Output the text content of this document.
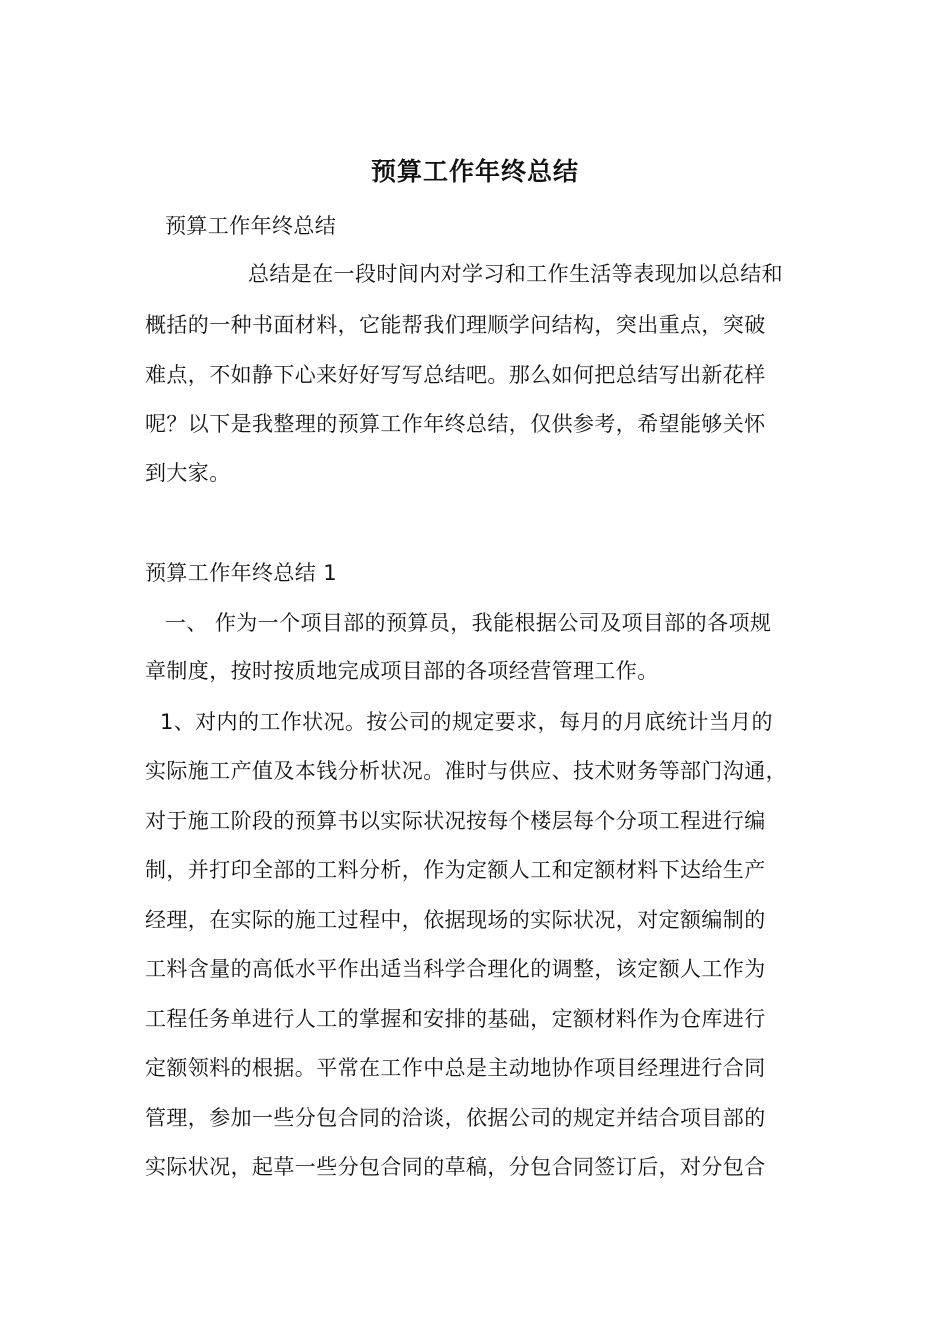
预算工作年终总结
预算工作年终总结
总结是在一段时间内对学习和工作生活等表现加以总结和
概括的一种书面材料，它能帮我们理顺学问结构，突出重点，突破
难点，不如静下心来好好写写总结吧。那么如何把总结写出新花样
呢？以下是我整理的预算工作年终总结，仅供参考，希望能够关怀
到大家。
预算工作年终总结 1
一、 作为一个项目部的预算员，我能根据公司及项目部的各项规
章制度，按时按质地完成项目部的各项经营管理工作。
1、对内的工作状况。按公司的规定要求，每月的月底统计当月的
实际施工产值及本钱分析状况。准时与供应、技术财务等部门沟通，
对于施工阶段的预算书以实际状况按每个楼层每个分项工程进行编
制，并打印全部的工料分析，作为定额人工和定额材料下达给生产
经理，在实际的施工过程中，依据现场的实际状况，对定额编制的
工料含量的高低水平作出适当科学合理化的调整，该定额人工作为
工程任务单进行人工的掌握和安排的基础，定额材料作为仓库进行
定额领料的根据。平常在工作中总是主动地协作项目经理进行合同
管理，参加一些分包合同的洽谈，依据公司的规定并结合项目部的
实际状况，起草一些分包合同的草稿，分包合同签订后，对分包合
